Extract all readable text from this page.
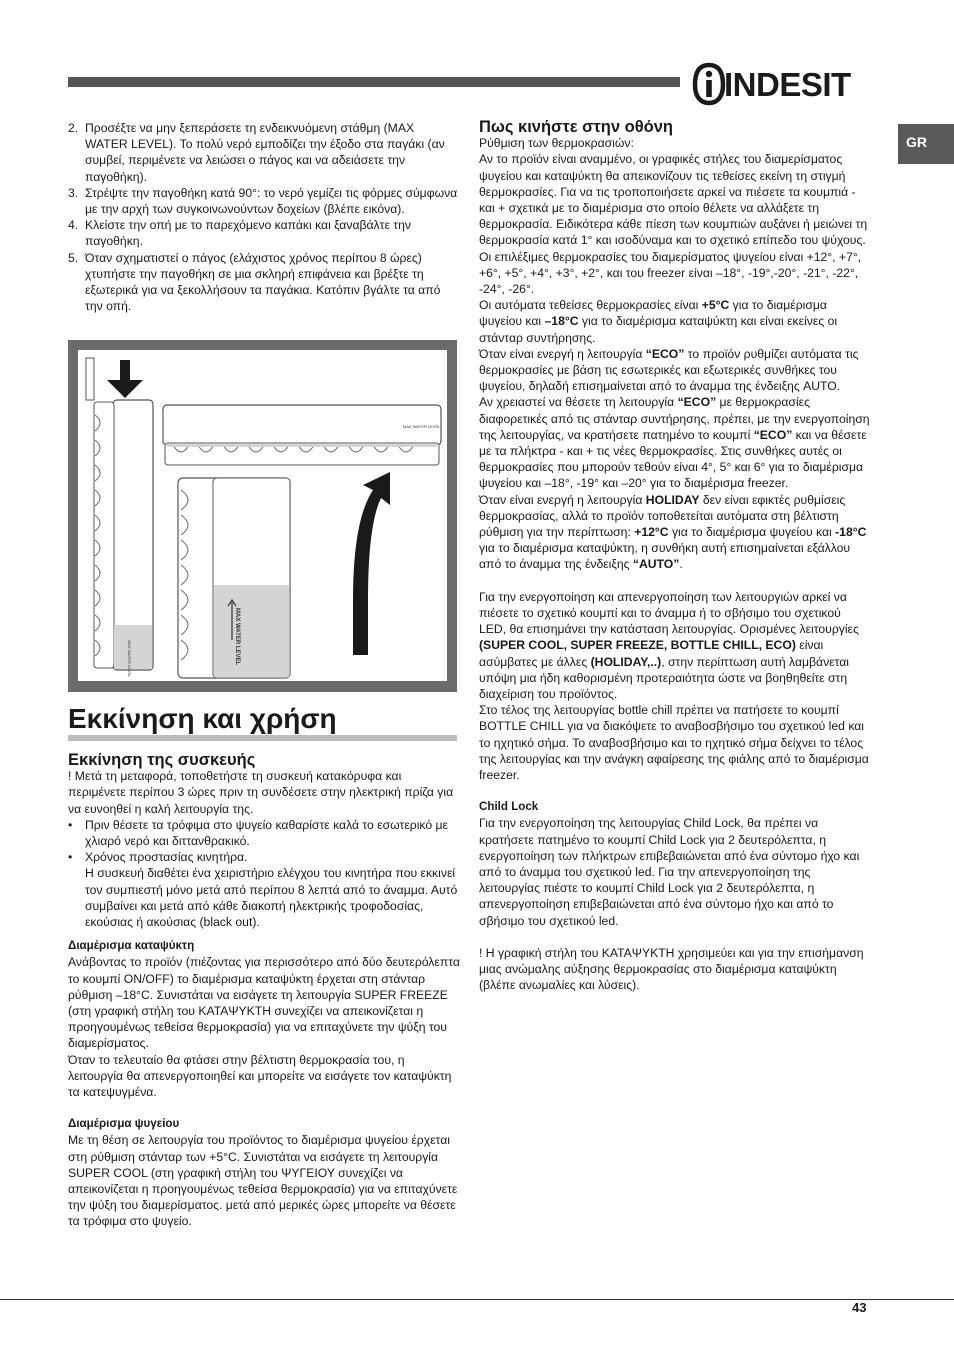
INDESIT
GR
2. Προσέξτε να μην ξεπεράσετε τη ενδεικνυόμενη στάθμη (MAX WATER LEVEL). Το πολύ νερό εμποδίζει την έξοδο στα παγάκι (αν συμβεί, περιμένετε να λειώσει ο πάγος και να αδειάσετε την παγοθήκη).
3. Στρέψτε την παγοθήκη κατά 90°: το νερό γεμίζει τις φόρμες σύμφωνα με την αρχή των συγκοινωνούντων δοχείων (βλέπε εικόνα).
4. Κλείστε την οπή με το παρεχόμενο καπάκι και ξαναβάλτε την παγοθήκη.
5. Όταν σχηματιστεί ο πάγος (ελάχιστος χρόνος περίπου 8 ώρες) χτυπήστε την παγοθήκη σε μια σκληρή επιφάνεια και βρέξτε τη εξωτερικά για να ξεκολλήσουν τα παγάκια. Κατόπιν βγάλτε τα από την οπή.
MAX WATER LEVEL
MAX WATER LEVEL
MAX WATER LEVEL
Εκκίνηση και χρήση

Εκκίνηση της συσκευής

! Μετά τη μεταφορά, τοποθετήστε τη συσκευή κατακόρυφα και περιμένετε περίπου 3 ώρες πριν τη συνδέσετε στην ηλεκτρική πρίζα για να ευνοηθεί η καλή λειτουργία της.

• Πριν θέσετε τα τρόφιμα στο ψυγείο καθαρίστε καλά το εσωτερικό με χλιαρό νερό και διττανθρακικό.
• Χρόνος προστασίας κινητήρα.
Η συσκευή διαθέτει ένα χειριστήριο ελέγχου του κινητήρα που εκκινεί τον συμπιεστή μόνο μετά από περίπου 8 λεπτά από το άναμμα. Αυτό συμβαίνει και μετά από κάθε διακοπή ηλεκτρικής τροφοδοσίας, εκούσιας ή ακούσιας (black out).

Διαμέρισμα καταψύκτη

Ανάβοντας το προϊόν (πιέζοντας για περισσότερο από δύο δευτερόλεπτα το κουμπί ON/OFF) το διαμέρισμα καταψύκτη έρχεται στη στάνταρ ρύθμιση –18°C. Συνιστάται να εισάγετε τη λειτουργία SUPER FREEZE (στη γραφική στήλη του ΚΑΤΑΨΥΚΤΗ συνεχίζει να απεικονίζεται η προηγουμένως τεθείσα θερμοκρασία) για να επιταχύνετε την ψύξη του διαμερίσματος.

Όταν το τελευταίο θα φτάσει στην βέλτιστη θερμοκρασία του, η λειτουργία θα απενεργοποιηθεί και μπορείτε να εισάγετε τον καταψύκτη τα κατεψυγμένα.

Διαμέρισμα ψυγείου

Με τη θέση σε λειτουργία του προϊόντος το διαμέρισμα ψυγείου έρχεται στη ρύθμιση στάνταρ των +5°C. Συνιστάται να εισάγετε τη λειτουργία SUPER COOL (στη γραφική στήλη του ΨΥΓΕΙΟΥ συνεχίζει να απεικονίζεται η προηγουμένως τεθείσα θερμοκρασία) για να επιταχύνετε την ψύξη του διαμερίσματος. μετά από μερικές ώρες μπορείτε να θέσετε τα τρόφιμα στο ψυγείο.

Πως κινήστε στην οθόνη

Ρύθμιση των θερμοκρασιών:

Αν το προϊόν είναι αναμμένο, οι γραφικές στήλες του διαμερίσματος ψυγείου και καταψύκτη θα απεικονίζουν τις τεθείσες εκείνη τη στιγμή θερμοκρασίες. Για να τις τροποποιήσετε αρκεί να πιέσετε τα κουμπιά - και + σχετικά με το διαμέρισμα στο οποίο θέλετε να αλλάξετε τη θερμοκρασία. Ειδικότερα κάθε πίεση των κουμπιών αυξάνει ή μειώνει τη θερμοκρασία κατά 1° και ισοδύναμα και το σχετικό επίπεδο του ψύχους.

Οι επιλέξιμες θερμοκρασίες του διαμερίσματος ψυγείου είναι +12°, +7°, +6°, +5°, +4°, +3°, +2°, και του freezer είναι –18°, -19°,-20°, -21°, -22°, -24°, -26°.

Οι αυτόματα τεθείσες θερμοκρασίες είναι +5°C για το διαμέρισμα ψυγείου και –18°C για το διαμέρισμα καταψύκτη και είναι εκείνες οι στάνταρ συντήρησης.

Όταν είναι ενεργή η λειτουργία “ECO” το προϊόν ρυθμίζει αυτόματα τις θερμοκρασίες με βάση τις εσωτερικές και εξωτερικές συνθήκες του ψυγείου, δηλαδή επισημαίνεται από το άναμμα της ένδειξης AUTO.

Αν χρειαστεί να θέσετε τη λειτουργία “ECO” με θερμοκρασίες διαφορετικές από τις στάνταρ συντήρησης, πρέπει, με την ενεργοποίηση της λειτουργίας, να κρατήσετε πατημένο το κουμπί “ECO” και να θέσετε με τα πλήκτρα - και + τις νέες θερμοκρασίες. Στις συνθήκες αυτές οι θερμοκρασίες που μπορούν τεθούν είναι 4°, 5° και 6° για το διαμέρισμα ψυγείου και –18°, -19° και –20° για το διαμέρισμα freezer.

Όταν είναι ενεργή η λειτουργία HOLIDAY δεν είναι εφικτές ρυθμίσεις θερμοκρασίας, αλλά το προϊόν τοποθετείται αυτόματα στη βέλτιστη ρύθμιση για την περίπτωση: +12°C για το διαμέρισμα ψυγείου και -18°C για το διαμέρισμα καταψύκτη, η συνθήκη αυτή επισημαίνεται εξάλλου από το άναμμα της ένδειξης “AUTO”.

Για την ενεργοποίηση και απενεργοποίηση των λειτουργιών αρκεί να πιέσετε το σχετικό κουμπί και το άναμμα ή το σβήσιμο του σχετικού LED, θα επισημάνει την κατάσταση λειτουργίας. Ορισμένες λειτουργίες (SUPER COOL, SUPER FREEZE, BOTTLE CHILL, ECO) είναι ασύμβατες με άλλες (HOLIDAY,..), στην περίπτωση αυτή λαμβάνεται υπόψη μια ήδη καθορισμένη προτεραιότητα ώστε να βοηθηθείτε στη διαχείριση του προϊόντος.

Στο τέλος της λειτουργίας bottle chill πρέπει να πατήσετε το κουμπί BOTTLE CHILL για να διακόψετε το αναβοσβήσιμο του σχετικού led και το ηχητικό σήμα. Το αναβοσβήσιμο και το ηχητικό σήμα δείχνει το τέλος της λειτουργίας και την ανάγκη αφαίρεσης της φιάλης από το διαμέρισμα freezer.

Child Lock

Για την ενεργοποίηση της λειτουργίας Child Lock, θα πρέπει να κρατήσετε πατημένο το κουμπί Child Lock για 2 δευτερόλεπτα, η ενεργοποίηση των πλήκτρων επιβεβαιώνεται από ένα σύντομο ήχο και από το άναμμα του σχετικού led. Για την απενεργοποίηση της λειτουργίας πιέστε το κουμπί Child Lock για 2 δευτερόλεπτα, η απενεργοποίηση επιβεβαιώνεται από ένα σύντομο ήχο και από το σβήσιμο του σχετικού led.

! Η γραφική στήλη του ΚΑΤΑΨΥΚΤΗ χρησιμεύει και για την επισήμανση μιας ανώμαλης αύξησης θερμοκρασίας στο διαμέρισμα καταψύκτη (βλέπε ανωμαλίες και λύσεις).

43
